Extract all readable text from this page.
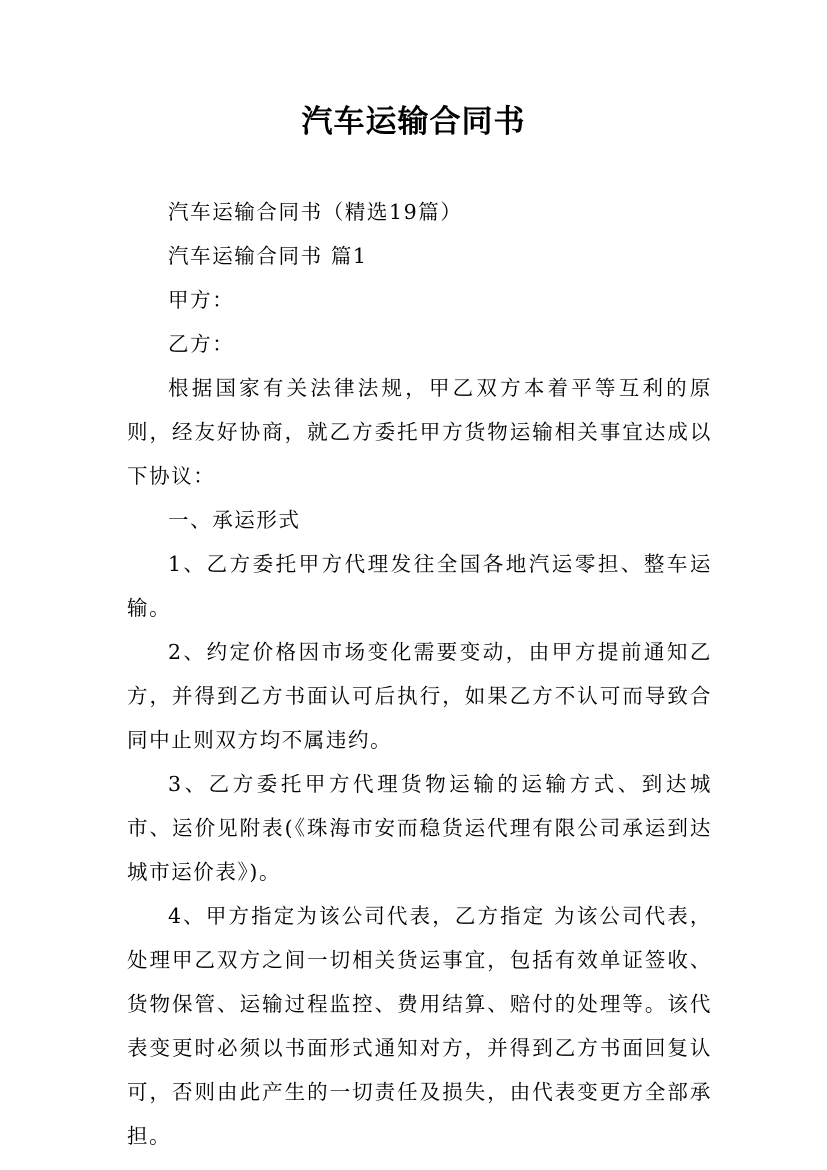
汽车运输合同书

汽车运输合同书（精选19篇）

汽车运输合同书 篇1

甲方：

乙方：

根据国家有关法律法规，甲乙双方本着平等互利的原则，经友好协商，就乙方委托甲方货物运输相关事宜达成以下协议：

一、承运形式

1、乙方委托甲方代理发往全国各地汽运零担、整车运输。

2、约定价格因市场变化需要变动，由甲方提前通知乙方，并得到乙方书面认可后执行，如果乙方不认可而导致合同中止则双方均不属违约。

3、乙方委托甲方代理货物运输的运输方式、到达城市、运价见附表(《珠海市安而稳货运代理有限公司承运到达城市运价表》)。

4、甲方指定为该公司代表，乙方指定 为该公司代表，处理甲乙双方之间一切相关货运事宜，包括有效单证签收、货物保管、运输过程监控、费用结算、赔付的处理等。该代表变更时必须以书面形式通知对方，并得到乙方书面回复认可，否则由此产生的一切责任及损失，由代表变更方全部承担。
